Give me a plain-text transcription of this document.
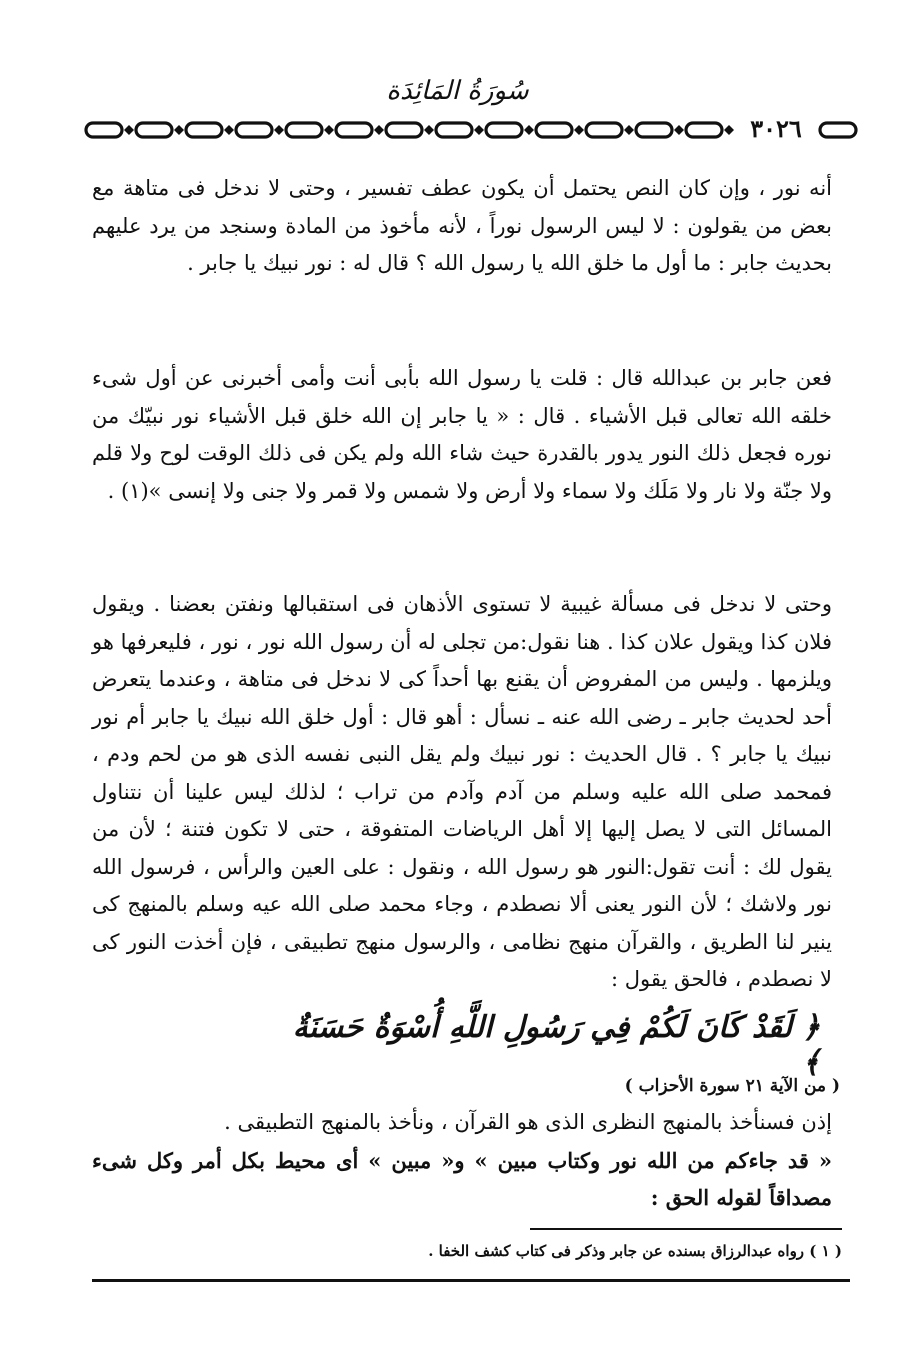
سُورَةُ المَائِدَة
٣٠٢٦
أنه نور ، وإن كان النص يحتمل أن يكون عطف تفسير ، وحتى لا ندخل فى متاهة مع بعض من يقولون : لا ليس الرسول نوراً ، لأنه مأخوذ من المادة وسنجد من يرد عليهم بحديث جابر : ما أول ما خلق الله يا رسول الله ؟ قال له : نور نبيك يا جابر .
فعن جابر بن عبدالله قال : قلت يا رسول الله بأبى أنت وأمى أخبرنى عن أول شىء خلقه الله تعالى قبل الأشياء . قال : « يا جابر إن الله خلق قبل الأشياء نور نبيّك من نوره فجعل ذلك النور يدور بالقدرة حيث شاء الله ولم يكن فى ذلك الوقت لوح ولا قلم ولا جنّة ولا نار ولا مَلَك ولا سماء ولا أرض ولا شمس ولا قمر ولا جنى ولا إنسى »(١) .
وحتى لا ندخل فى مسألة غيبية لا تستوى الأذهان فى استقبالها ونفتن بعضنا . ويقول فلان كذا ويقول علان كذا . هنا نقول:من تجلى له أن رسول الله نور ، نور ، فليعرفها هو ويلزمها . وليس من المفروض أن يقنع بها أحداً كى لا ندخل فى متاهة ، وعندما يتعرض أحد لحديث جابر ـ رضى الله عنه ـ نسأل : أهو قال : أول خلق الله نبيك يا جابر أم نور نبيك يا جابر ؟ . قال الحديث : نور نبيك ولم يقل النبى نفسه الذى هو من لحم ودم ، فمحمد صلى الله عليه وسلم من آدم وآدم من تراب ؛ لذلك ليس علينا أن نتناول المسائل التى لا يصل إليها إلا أهل الرياضات المتفوقة ، حتى لا تكون فتنة ؛ لأن من يقول لك : أنت تقول:النور هو رسول الله ، ونقول : على العين والرأس ، فرسول الله نور ولاشك ؛ لأن النور يعنى ألا نصطدم ، وجاء محمد صلى الله عيه وسلم بالمنهج كى ينير لنا الطريق ، والقرآن منهج نظامى ، والرسول منهج تطبيقى ، فإن أخذت النور كى لا نصطدم ، فالحق يقول :
﴿ لَقَدْ كَانَ لَكُمْ فِي رَسُولِ اللَّهِ أُسْوَةٌ حَسَنَةٌ ﴾
( من الآية ٢١ سورة الأحزاب )
إذن فسنأخذ بالمنهج النظرى الذى هو القرآن ، ونأخذ بالمنهج التطبيقى .
« قد جاءكم من الله نور وكتاب مبين » و« مبين » أى محيط بكل أمر وكل شىء مصداقاً لقوله الحق :
( ١ ) رواه عبدالرزاق بسنده عن جابر وذكر فى كتاب كشف الخفا .
